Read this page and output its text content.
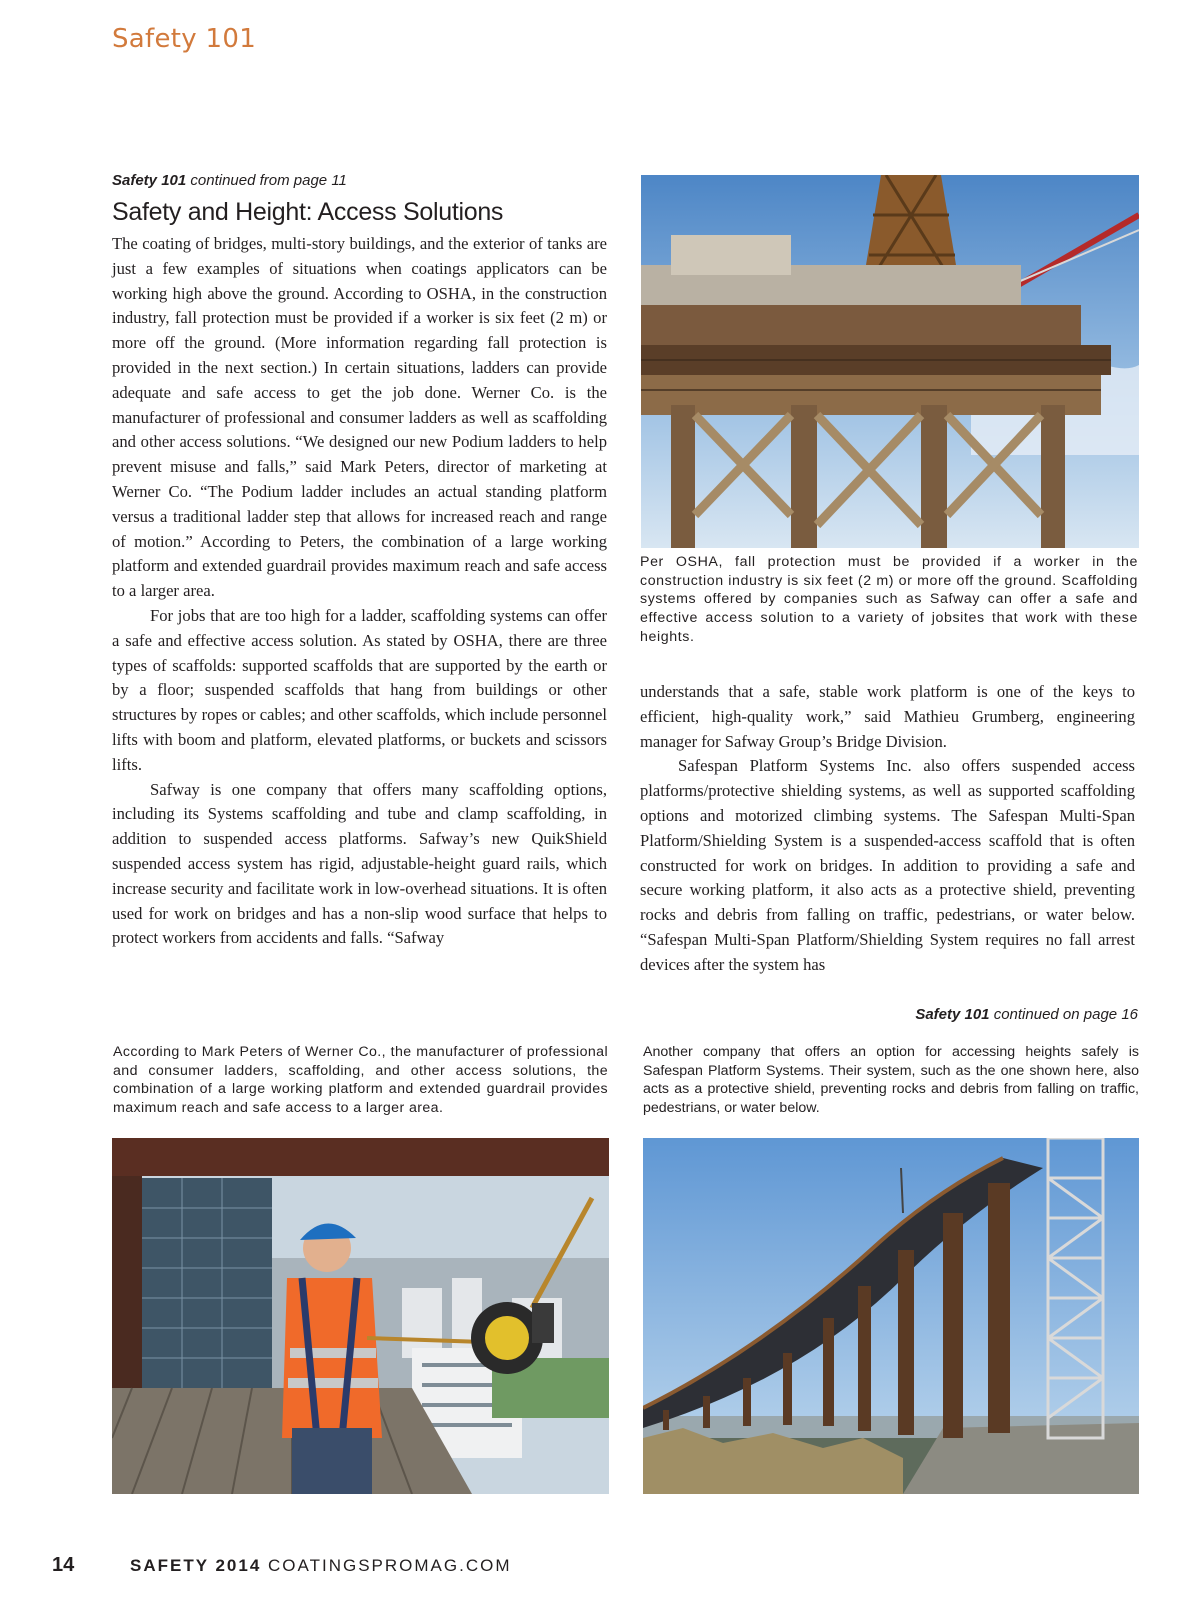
Safety 101
Safety 101 continued from page 11
Safety and Height: Access Solutions

The coating of bridges, multi-story buildings, and the exterior of tanks are just a few examples of situations when coatings applicators can be working high above the ground. According to OSHA, in the construction industry, fall protection must be provided if a worker is six feet (2 m) or more off the ground. (More information regarding fall protection is provided in the next section.) In certain situations, ladders can provide adequate and safe access to get the job done. Werner Co. is the manufacturer of professional and consumer ladders as well as scaffolding and other access solutions. “We designed our new Podium ladders to help prevent misuse and falls,” said Mark Peters, director of marketing at Werner Co. “The Podium ladder includes an actual standing platform versus a traditional ladder step that allows for increased reach and range of motion.” According to Peters, the combination of a large working platform and extended guardrail provides maximum reach and safe access to a larger area.

For jobs that are too high for a ladder, scaffolding systems can offer a safe and effective access solution. As stated by OSHA, there are three types of scaffolds: supported scaffolds that are supported by the earth or by a floor; suspended scaffolds that hang from buildings or other structures by ropes or cables; and other scaffolds, which include personnel lifts with boom and platform, elevated platforms, or buckets and scissors lifts.

Safway is one company that offers many scaffolding options, including its Systems scaffolding and tube and clamp scaffolding, in addition to suspended access platforms. Safway’s new QuikShield suspended access system has rigid, adjustable-height guard rails, which increase security and facilitate work in low-overhead situations. It is often used for work on bridges and has a non-slip wood surface that helps to protect workers from accidents and falls. “Safway

Per OSHA, fall protection must be provided if a worker in the construction industry is six feet (2 m) or more off the ground. Scaffolding systems offered by companies such as Safway can offer a safe and effective access solution to a variety of jobsites that work with these heights.

understands that a safe, stable work platform is one of the keys to efficient, high-quality work,” said Mathieu Grumberg, engineering manager for Safway Group’s Bridge Division.

Safespan Platform Systems Inc. also offers suspended access platforms/protective shielding systems, as well as supported scaffolding options and motorized climbing systems. The Safespan Multi-Span Platform/Shielding System is a suspended-access scaffold that is often constructed for work on bridges. In addition to providing a safe and secure working platform, it also acts as a protective shield, preventing rocks and debris from falling on traffic, pedestrians, or water below. “Safespan Multi-Span Platform/Shielding System requires no fall arrest devices after the system has

Safety 101 continued on page 16
According to Mark Peters of Werner Co., the manufacturer of professional and consumer ladders, scaffolding, and other access solutions, the combination of a large working platform and extended guardrail provides maximum reach and safe access to a larger area.
Another company that offers an option for accessing heights safely is Safespan Platform Systems. Their system, such as the one shown here, also acts as a protective shield, preventing rocks and debris from falling on traffic, pedestrians, or water below.
14	SAFETY 2014 COATINGSPROMAG.COM
